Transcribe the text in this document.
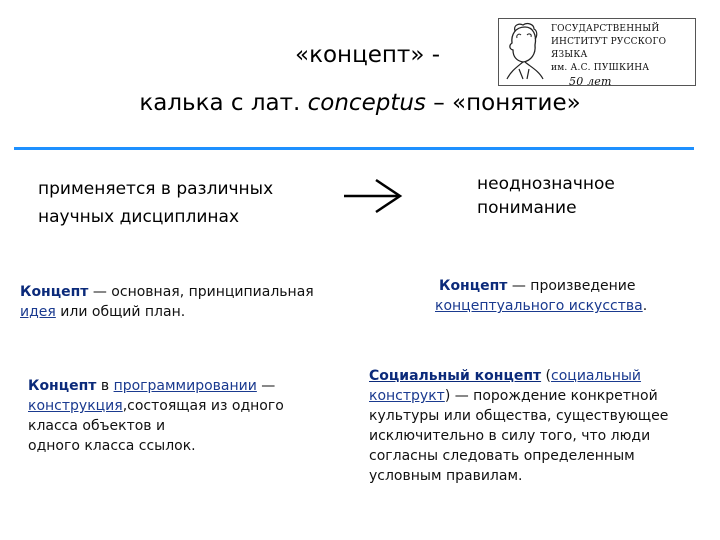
«концепт» -
калька с лат. conceptus – «понятие»
ГОСУДАРСТВЕННЫЙ
ИНСТИТУТ РУССКОГО ЯЗЫКА
им. А.С. ПУШКИНА
50 лет
применяется в различных
научных дисциплинах
неоднозначное
понимание
Концепт — основная, принципиальная
идея или общий план.
Концепт — произведение
концептуального искусства.
Концепт в программировании —
конструкция,состоящая из одного
класса объектов и
одного класса ссылок.
Социальный концепт (социальный
конструкт) — порождение конкретной
культуры или общества, существующее
исключительно в силу того, что люди
согласны следовать определенным
условным правилам.
